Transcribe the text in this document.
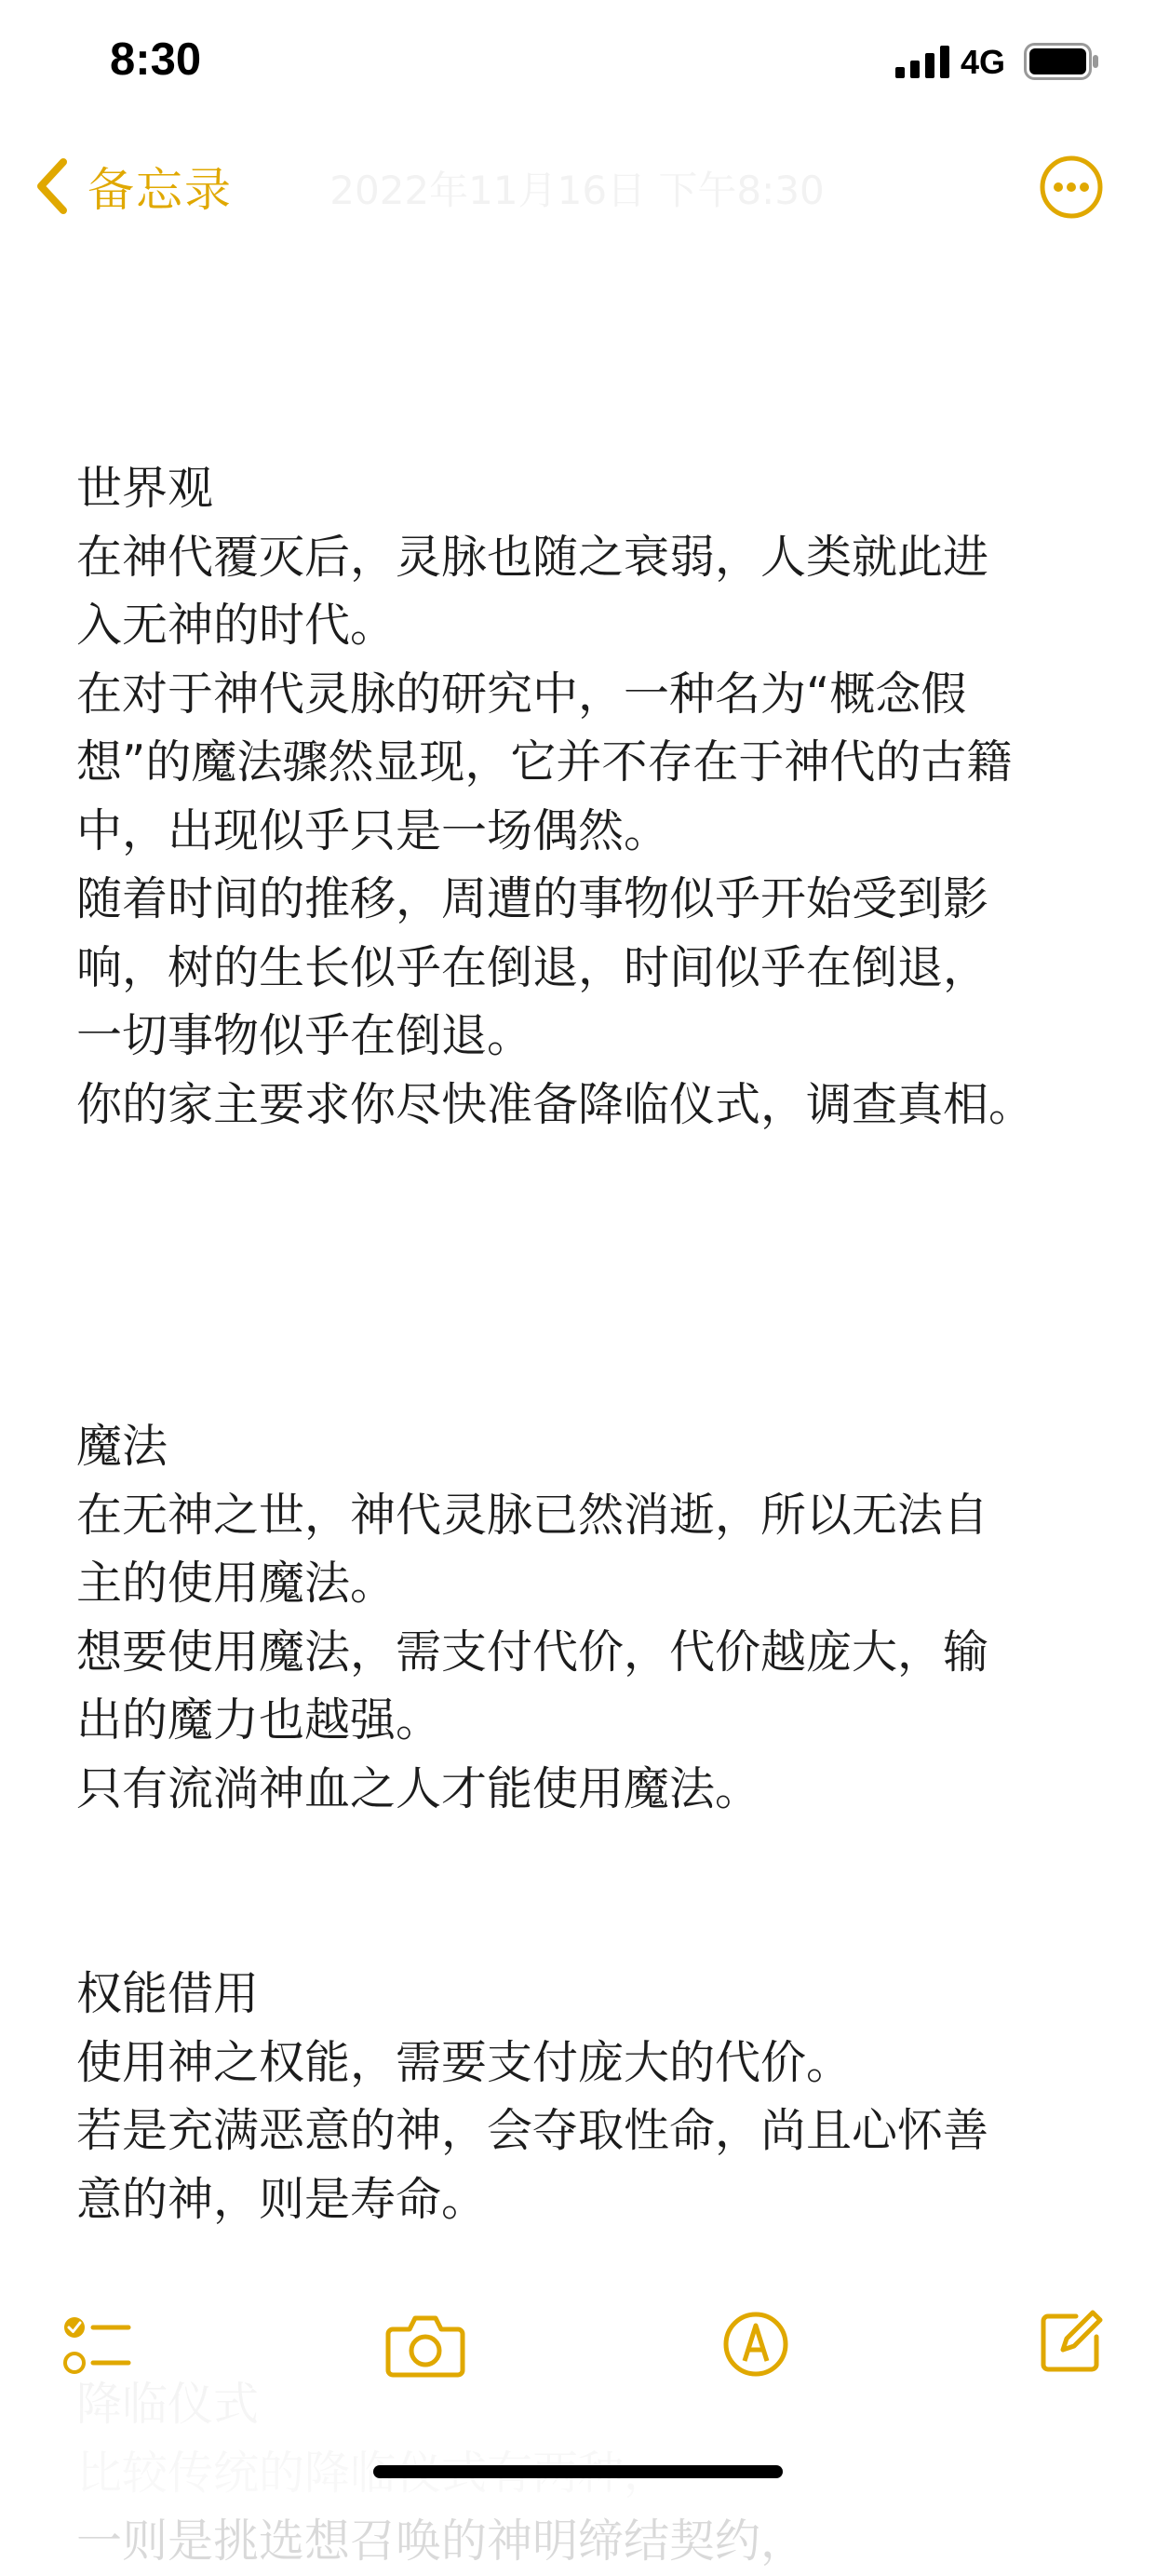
8:30	4G
备忘录 2022年11月16日 下午8:30
世界观
在神代覆灭后，灵脉也随之衰弱，人类就此进
入无神的时代。
在对于神代灵脉的研究中，一种名为“概念假
想”的魔法骤然显现，它并不存在于神代的古籍
中，出现似乎只是一场偶然。
随着时间的推移，周遭的事物似乎开始受到影
响，树的生长似乎在倒退，时间似乎在倒退，
一切事物似乎在倒退。
你的家主要求你尽快准备降临仪式，调查真相。
魔法
在无神之世，神代灵脉已然消逝，所以无法自
主的使用魔法。
想要使用魔法，需支付代价，代价越庞大，输
出的魔力也越强。
只有流淌神血之人才能使用魔法。
权能借用
使用神之权能，需要支付庞大的代价。
若是充满恶意的神，会夺取性命，尚且心怀善
意的神，则是寿命。
一则是挑选想召唤的神明缔结契约，
